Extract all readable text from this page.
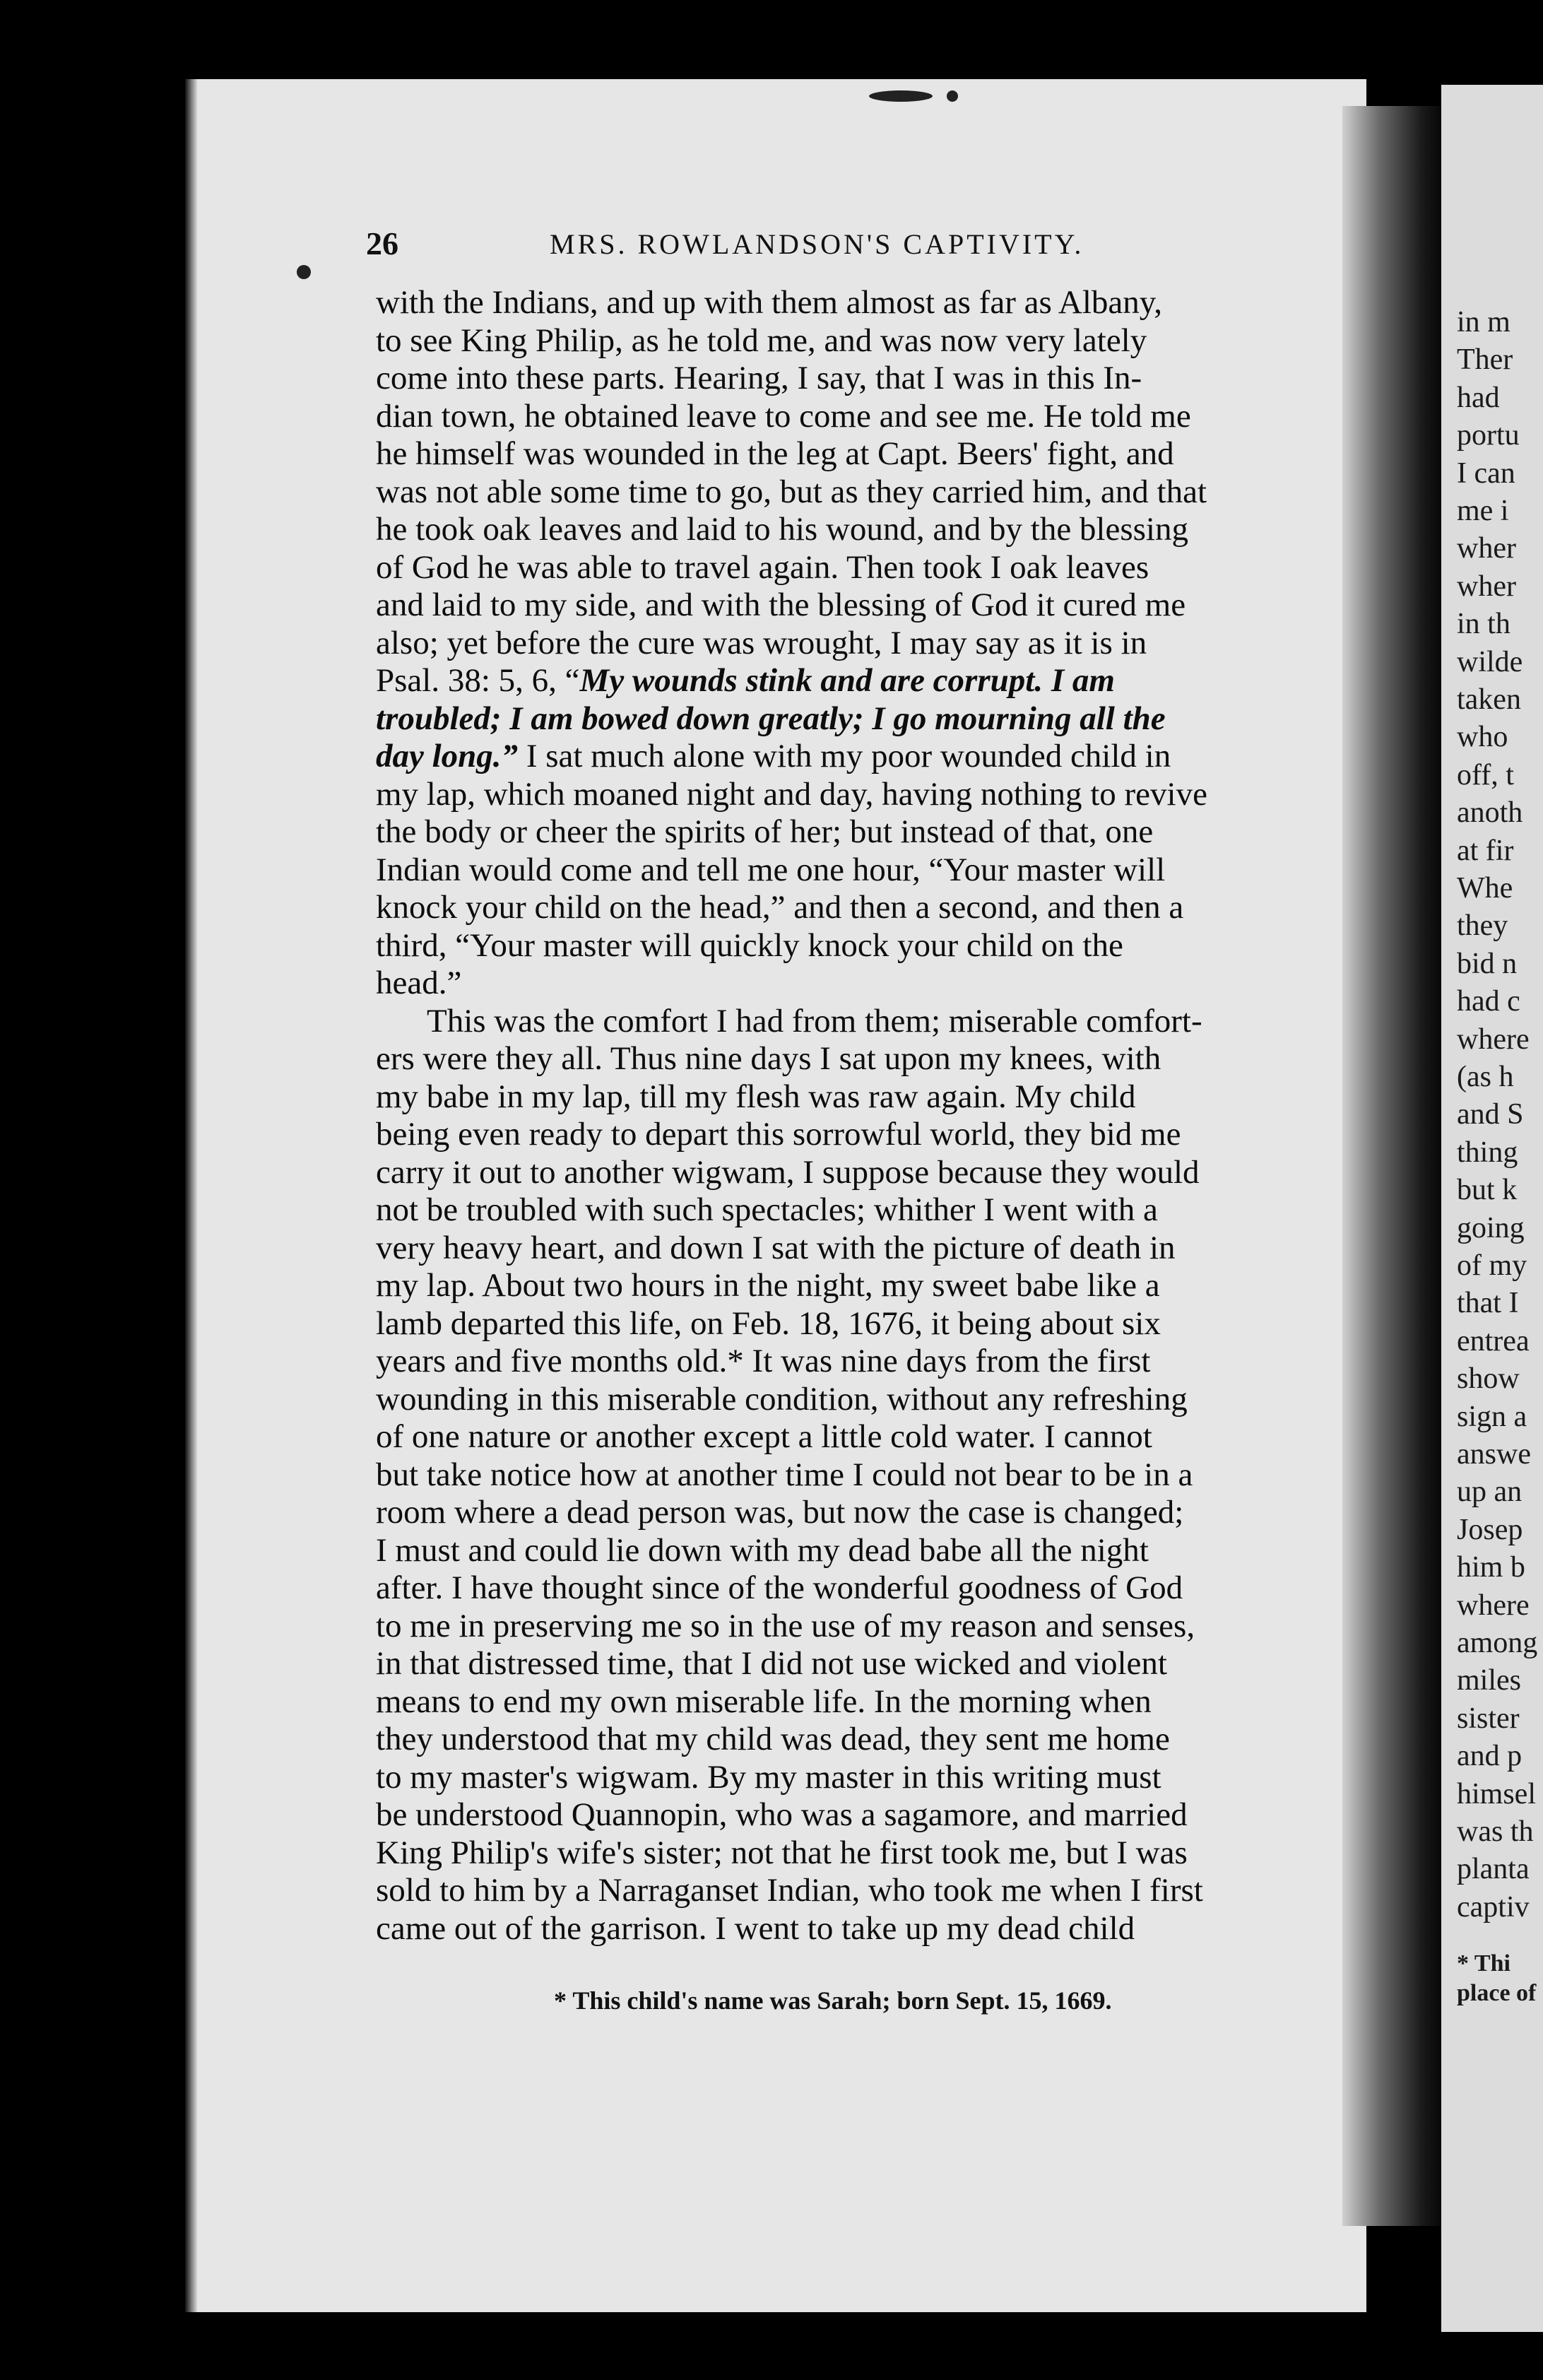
26	MRS. ROWLANDSON'S CAPTIVITY.
with the Indians, and up with them almost as far as Albany,
to see King Philip, as he told me, and was now very lately
come into these parts. Hearing, I say, that I was in this In-
dian town, he obtained leave to come and see me. He told me
he himself was wounded in the leg at Capt. Beers' fight, and
was not able some time to go, but as they carried him, and that
he took oak leaves and laid to his wound, and by the blessing
of God he was able to travel again. Then took I oak leaves
and laid to my side, and with the blessing of God it cured me
also; yet before the cure was wrought, I may say as it is in
Psal. 38: 5, 6, “My wounds stink and are corrupt. I am
troubled; I am bowed down greatly; I go mourning all the
day long.” I sat much alone with my poor wounded child in
my lap, which moaned night and day, having nothing to revive
the body or cheer the spirits of her; but instead of that, one
Indian would come and tell me one hour, “Your master will
knock your child on the head,” and then a second, and then a
third, “Your master will quickly knock your child on the
head.”
This was the comfort I had from them; miserable comfort-
ers were they all. Thus nine days I sat upon my knees, with
my babe in my lap, till my flesh was raw again. My child
being even ready to depart this sorrowful world, they bid me
carry it out to another wigwam, I suppose because they would
not be troubled with such spectacles; whither I went with a
very heavy heart, and down I sat with the picture of death in
my lap. About two hours in the night, my sweet babe like a
lamb departed this life, on Feb. 18, 1676, it being about six
years and five months old.* It was nine days from the first
wounding in this miserable condition, without any refreshing
of one nature or another except a little cold water. I cannot
but take notice how at another time I could not bear to be in a
room where a dead person was, but now the case is changed;
I must and could lie down with my dead babe all the night
after. I have thought since of the wonderful goodness of God
to me in preserving me so in the use of my reason and senses,
in that distressed time, that I did not use wicked and violent
means to end my own miserable life. In the morning when
they understood that my child was dead, they sent me home
to my master's wigwam. By my master in this writing must
be understood Quannopin, who was a sagamore, and married
King Philip's wife's sister; not that he first took me, but I was
sold to him by a Narraganset Indian, who took me when I first
came out of the garrison. I went to take up my dead child
* This child's name was Sarah; born Sept. 15, 1669.
in m
Ther
had
portu
I can
me i
wher
wher
in th
wilde
taken
who
off, t
anoth
at fir
Whe
they
bid n
had c
where
(as h
and S
thing
but k
going
of my
that I
entrea
show
sign a
answe
up an
Josep
him b
where
among
miles
sister
and p
himsel
was th
planta
captiv
* Thi
place of
